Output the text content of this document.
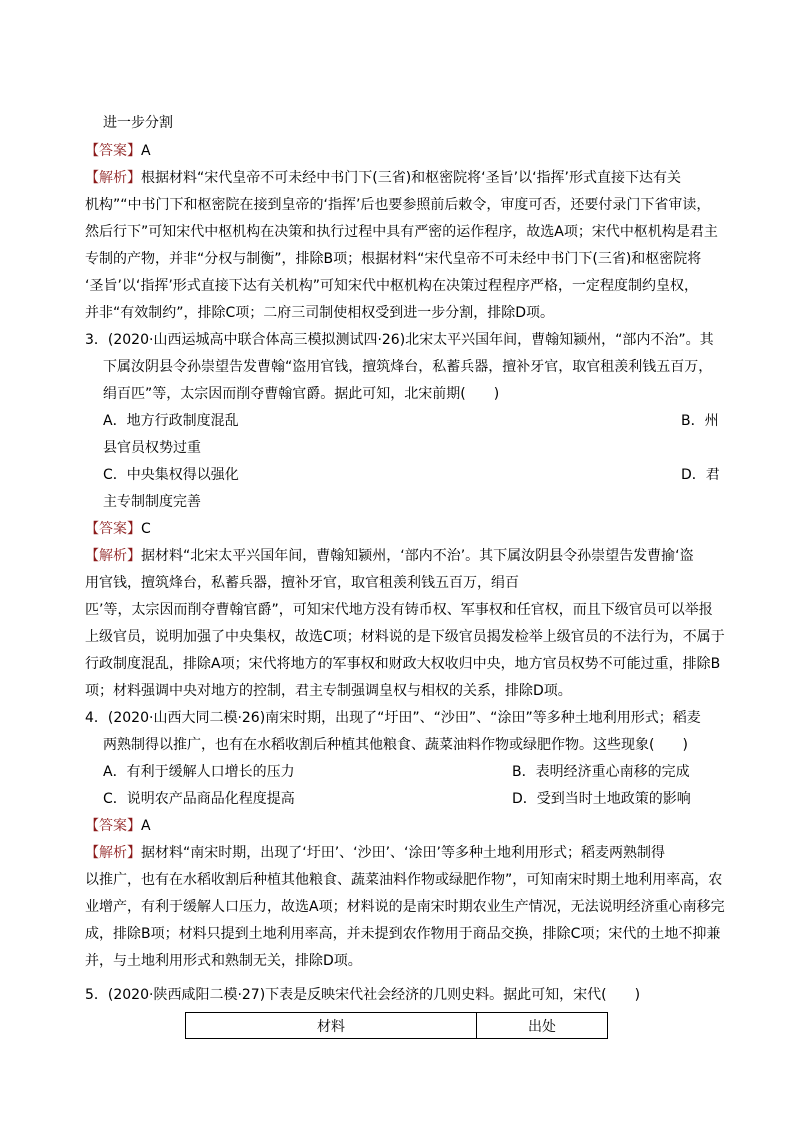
进一步分割
【答案】A
【解析】根据材料“宋代皇帝不可未经中书门下(三省)和枢密院将‘圣旨’以‘指挥’形式直接下达有关
机构”“中书门下和枢密院在接到皇帝的‘指挥’后也要参照前后敕令，审度可否，还要付录门下省审读，
然后行下”可知宋代中枢机构在决策和执行过程中具有严密的运作程序，故选A项；宋代中枢机构是君主
专制的产物，并非“分权与制衡”，排除B项；根据材料“宋代皇帝不可未经中书门下(三省)和枢密院将
‘圣旨’以‘指挥’形式直接下达有关机构”可知宋代中枢机构在决策过程程序严格，一定程度制约皇权，
并非“有效制约”，排除C项；二府三司制使相权受到进一步分割，排除D项。
3．(2020·山西运城高中联合体高三模拟测试四·26)北宋太平兴国年间，曹翰知颍州，“部内不治”。其
下属汝阴县令孙崇望告发曹翰“盗用官钱，擅筑烽台，私蓄兵器，擅补牙官，取官租羡利钱五百万，
绢百匹”等，太宗因而削夺曹翰官爵。据此可知，北宋前期(　　)
A．地方行政制度混乱	B．州
县官员权势过重
C．中央集权得以强化	D．君
主专制制度完善
【答案】C
【解析】据材料“北宋太平兴国年间，曹翰知颍州，‘部内不治’。其下属汝阴县令孙崇望告发曹揄‘盗
用官钱，擅筑烽台，私蓄兵器，擅补牙官，取官租羡利钱五百万，绢百
匹’等，太宗因而削夺曹翰官爵”，可知宋代地方没有铸币权、军事权和任官权，而且下级官员可以举报
上级官员，说明加强了中央集权，故选C项；材料说的是下级官员揭发检举上级官员的不法行为，不属于
行政制度混乱，排除A项；宋代将地方的军事权和财政大权收归中央，地方官员权势不可能过重，排除B
项；材料强调中央对地方的控制，君主专制强调皇权与相权的关系，排除D项。
4．(2020·山西大同二模·26)南宋时期，出现了“圩田”、“沙田”、“涂田”等多种土地利用形式；稻麦
两熟制得以推广，也有在水稻收割后种植其他粮食、蔬菜油料作物或绿肥作物。这些现象(　　)
A．有利于缓解人口增长的压力	B．表明经济重心南移的完成
C．说明农产品商品化程度提高	D．受到当时土地政策的影响
【答案】A
【解析】据材料“南宋时期，出现了‘圩田’、‘沙田’、‘涂田’等多种土地利用形式；稻麦两熟制得
以推广，也有在水稻收割后种植其他粮食、蔬菜油料作物或绿肥作物”，可知南宋时期土地利用率高，农
业增产，有利于缓解人口压力，故选A项；材料说的是南宋时期农业生产情况，无法说明经济重心南移完
成，排除B项；材料只提到土地利用率高，并未提到农作物用于商品交换，排除C项；宋代的土地不抑兼
并，与土地利用形式和熟制无关，排除D项。
5．(2020·陕西咸阳二模·27)下表是反映宋代社会经济的几则史料。据此可知，宋代(　　)
材料	出处
